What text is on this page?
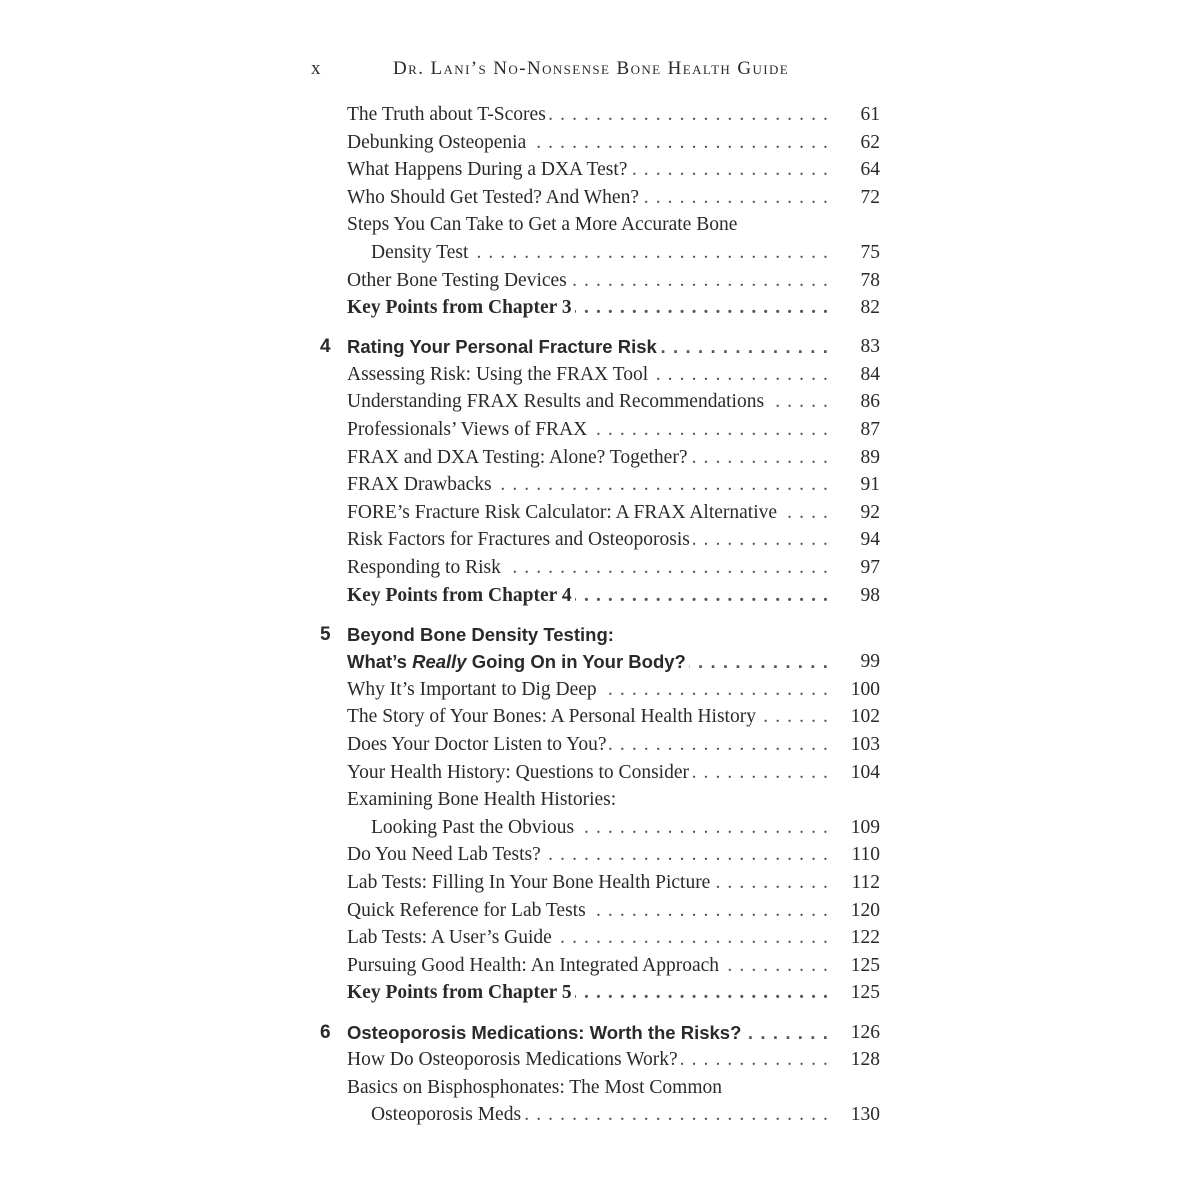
x	Dr. Lani’s No-Nonsense Bone Health Guide
The Truth about T-Scores . . .	61
Debunking Osteopenia . . .	62
What Happens During a DXA Test? . . .	64
Who Should Get Tested? And When? . . .	72
Steps You Can Take to Get a More Accurate Bone
Density Test . . .	75
Other Bone Testing Devices . . .	78
Key Points from Chapter 3 . . .	82
4 Rating Your Personal Fracture Risk . . .	83
Assessing Risk: Using the FRAX Tool . . .	84
Understanding FRAX Results and Recommendations . . .	86
Professionals’ Views of FRAX . . .	87
FRAX and DXA Testing: Alone? Together? . . .	89
FRAX Drawbacks . . .	91
FORE’s Fracture Risk Calculator: A FRAX Alternative . . .	92
Risk Factors for Fractures and Osteoporosis . . .	94
Responding to Risk . . .	97
Key Points from Chapter 4 . . .	98
5 Beyond Bone Density Testing:
What’s Really Going On in Your Body? . . .	99
Why It’s Important to Dig Deep . . .	100
The Story of Your Bones: A Personal Health History . . .	102
Does Your Doctor Listen to You? . . .	103
Your Health History: Questions to Consider . . .	104
Examining Bone Health Histories:
Looking Past the Obvious . . .	109
Do You Need Lab Tests? . . .	110
Lab Tests: Filling In Your Bone Health Picture . . .	112
Quick Reference for Lab Tests . . .	120
Lab Tests: A User’s Guide . . .	122
Pursuing Good Health: An Integrated Approach . . .	125
Key Points from Chapter 5 . . .	125
6 Osteoporosis Medications: Worth the Risks? . . .	126
How Do Osteoporosis Medications Work? . . .	128
Basics on Bisphosphonates: The Most Common
Osteoporosis Meds . . .	130
